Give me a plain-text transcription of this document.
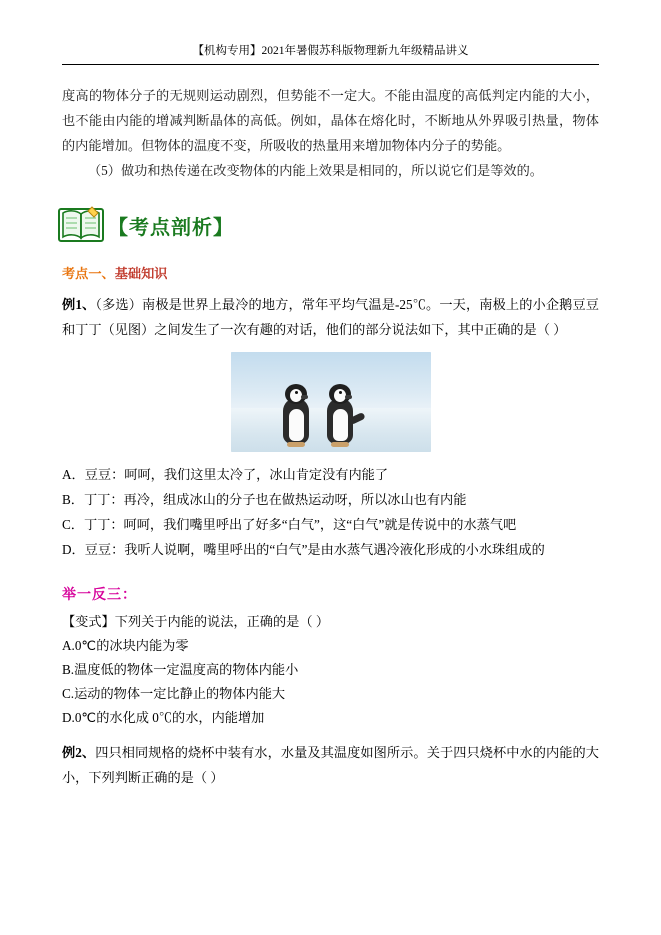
【机构专用】2021年暑假苏科版物理新九年级精品讲义

度高的物体分子的无规则运动剧烈，但势能不一定大。不能由温度的高低判定内能的大小，也不能由内能的增减判断晶体的高低。例如，晶体在熔化时，不断地从外界吸引热量，物体的内能增加。但物体的温度不变，所吸收的热量用来增加物体内分子的势能。

（5）做功和热传递在改变物体的内能上效果是相同的，所以说它们是等效的。

【考点剖析】
考点一、基础知识
例1、（多选）南极是世界上最冷的地方，常年平均气温是-25℃。一天，南极上的小企鹅豆豆和丁丁（见图）之间发生了一次有趣的对话，他们的部分说法如下，其中正确的是（ ）
A．豆豆：呵呵，我们这里太冷了，冰山肯定没有内能了
B．丁丁：再冷，组成冰山的分子也在做热运动呀，所以冰山也有内能
C．丁丁：呵呵，我们嘴里呼出了好多“白气”，这“白气”就是传说中的水蒸气吧
D．豆豆：我听人说啊，嘴里呼出的“白气”是由水蒸气遇冷液化形成的小水珠组成的
举一反三：
【变式】下列关于内能的说法，正确的是（ ）
A.0℃的冰块内能为零
B.温度低的物体一定温度高的物体内能小
C.运动的物体一定比静止的物体内能大
D.0℃的水化成 0℃的水，内能增加
例2、四只相同规格的烧杯中装有水，水量及其温度如图所示。关于四只烧杯中水的内能的大小，下列判断正确的是（ ）
